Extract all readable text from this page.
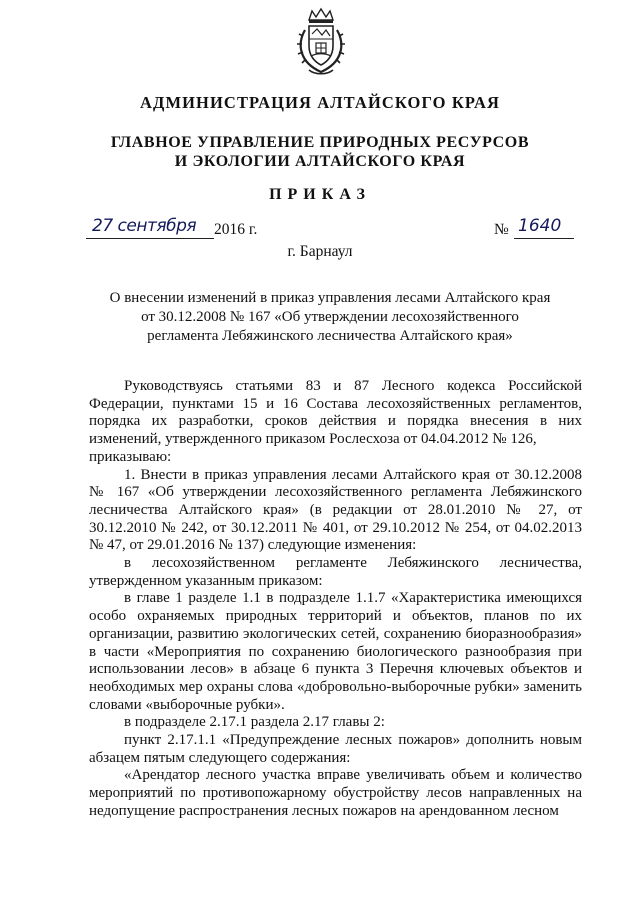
АДМИНИСТРАЦИЯ АЛТАЙСКОГО КРАЯ
ГЛАВНОЕ УПРАВЛЕНИЕ ПРИРОДНЫХ РЕСУРСОВ
И ЭКОЛОГИИ АЛТАЙСКОГО КРАЯ
ПРИКАЗ
27 сентября 2016 г.	№ 1640
г. Барнаул
О внесении изменений в приказ управления лесами Алтайского края
от 30.12.2008 № 167 «Об утверждении лесохозяйственного
регламента Лебяжинского лесничества Алтайского края»

Руководствуясь статьями 83 и 87 Лесного кодекса Российской Федерации, пунктами 15 и 16 Состава лесохозяйственных регламентов, порядка их разработки, сроков действия и порядка внесения в них изменений, утвержденного приказом Рослесхоза от 04.04.2012 № 126,

приказываю:

1. Внести в приказ управления лесами Алтайского края от 30.12.2008 № 167 «Об утверждении лесохозяйственного регламента Лебяжинского лесничества Алтайского края» (в редакции от 28.01.2010 № 27, от 30.12.2010 № 242, от 30.12.2011 № 401, от 29.10.2012 № 254, от 04.02.2013 № 47, от 29.01.2016 № 137) следующие изменения:

в лесохозяйственном регламенте Лебяжинского лесничества, утвержденном указанным приказом:

в главе 1 разделе 1.1 в подразделе 1.1.7 «Характеристика имеющихся особо охраняемых природных территорий и объектов, планов по их организации, развитию экологических сетей, сохранению биоразнообразия» в части «Мероприятия по сохранению биологического разнообразия при использовании лесов» в абзаце 6 пункта 3 Перечня ключевых объектов и необходимых мер охраны слова «добровольно-выборочные рубки» заменить словами «выборочные рубки».

в подразделе 2.17.1 раздела 2.17 главы 2:

пункт 2.17.1.1 «Предупреждение лесных пожаров» дополнить новым абзацем пятым следующего содержания:

«Арендатор лесного участка вправе увеличивать объем и количество мероприятий по противопожарному обустройству лесов направленных на недопущение распространения лесных пожаров на арендованном лесном
